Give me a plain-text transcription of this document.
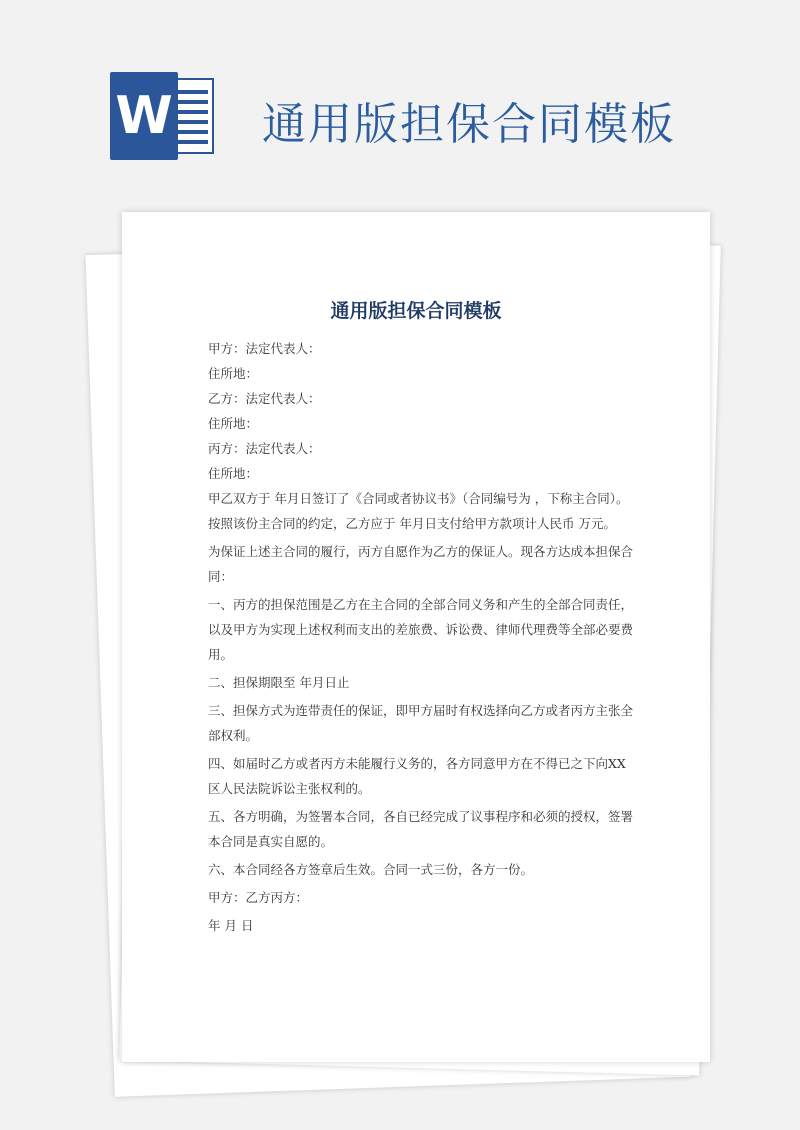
W 通用版担保合同模板
通用版担保合同模板

甲方：法定代表人：

住所地：

乙方：法定代表人：

住所地：

丙方：法定代表人：

住所地：

甲乙双方于 年月日签订了《合同或者协议书》（合同编号为 ，下称主合同）。按照该份主合同的约定，乙方应于 年月日支付给甲方款项计人民币 万元。

为保证上述主合同的履行，丙方自愿作为乙方的保证人。现各方达成本担保合同：

一、丙方的担保范围是乙方在主合同的全部合同义务和产生的全部合同责任，以及甲方为实现上述权利而支出的差旅费、诉讼费、律师代理费等全部必要费用。

二、担保期限至 年月日止

三、担保方式为连带责任的保证，即甲方届时有权选择向乙方或者丙方主张全部权利。

四、如届时乙方或者丙方未能履行义务的，各方同意甲方在不得已之下向XX区人民法院诉讼主张权利的。

五、各方明确，为签署本合同，各自已经完成了议事程序和必须的授权，签署本合同是真实自愿的。

六、本合同经各方签章后生效。合同一式三份，各方一份。

甲方：乙方丙方：

年 月 日
